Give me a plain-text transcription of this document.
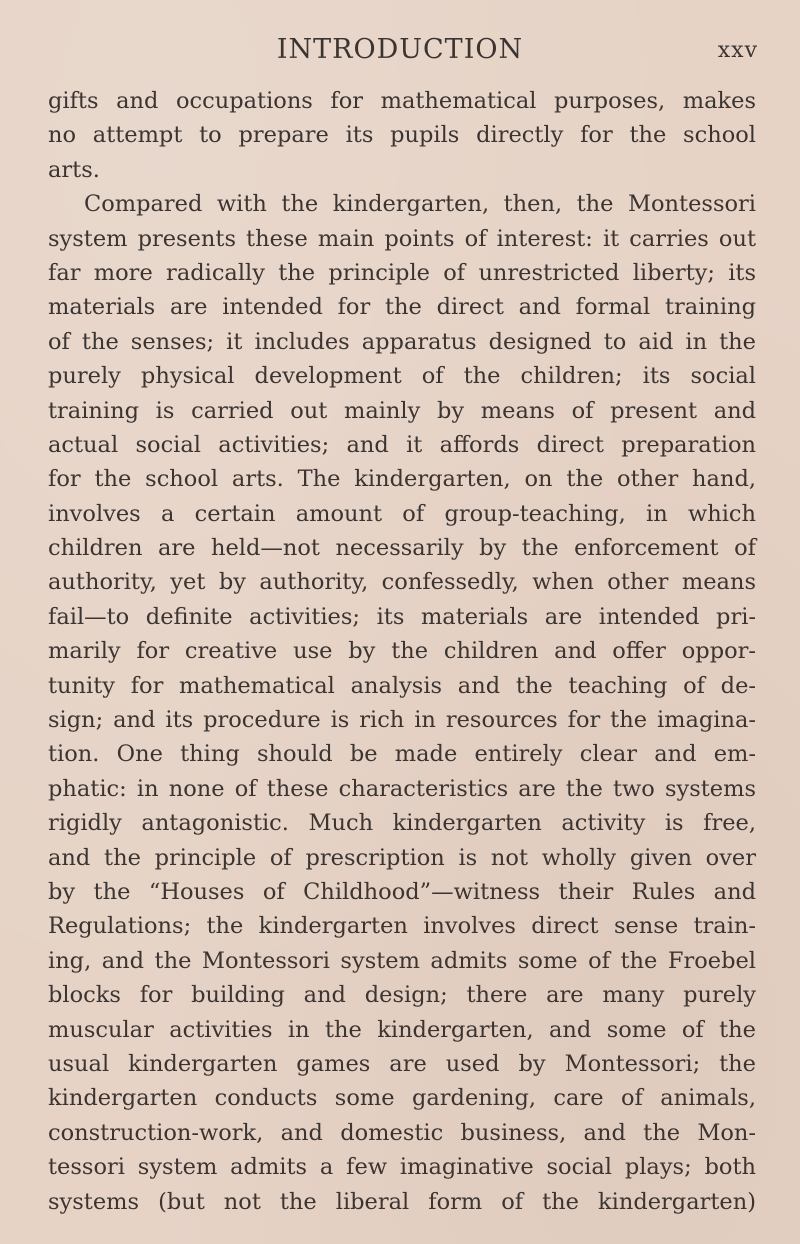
INTRODUCTION	xxv
gifts and occupations for mathematical purposes, makes
no attempt to prepare its pupils directly for the school
arts.
Compared with the kindergarten, then, the Montessori
system presents these main points of interest: it carries out
far more radically the principle of unrestricted liberty; its
materials are intended for the direct and formal training
of the senses; it includes apparatus designed to aid in the
purely physical development of the children; its social
training is carried out mainly by means of present and
actual social activities; and it affords direct preparation
for the school arts. The kindergarten, on the other hand,
involves a certain amount of group-teaching, in which
children are held—not necessarily by the enforcement of
authority, yet by authority, confessedly, when other means
fail—to definite activities; its materials are intended pri-
marily for creative use by the children and offer oppor-
tunity for mathematical analysis and the teaching of de-
sign; and its procedure is rich in resources for the imagina-
tion. One thing should be made entirely clear and em-
phatic: in none of these characteristics are the two systems
rigidly antagonistic. Much kindergarten activity is free,
and the principle of prescription is not wholly given over
by the “Houses of Childhood”—witness their Rules and
Regulations; the kindergarten involves direct sense train-
ing, and the Montessori system admits some of the Froebel
blocks for building and design; there are many purely
muscular activities in the kindergarten, and some of the
usual kindergarten games are used by Montessori; the
kindergarten conducts some gardening, care of animals,
construction-work, and domestic business, and the Mon-
tessori system admits a few imaginative social plays; both
systems (but not the liberal form of the kindergarten)
